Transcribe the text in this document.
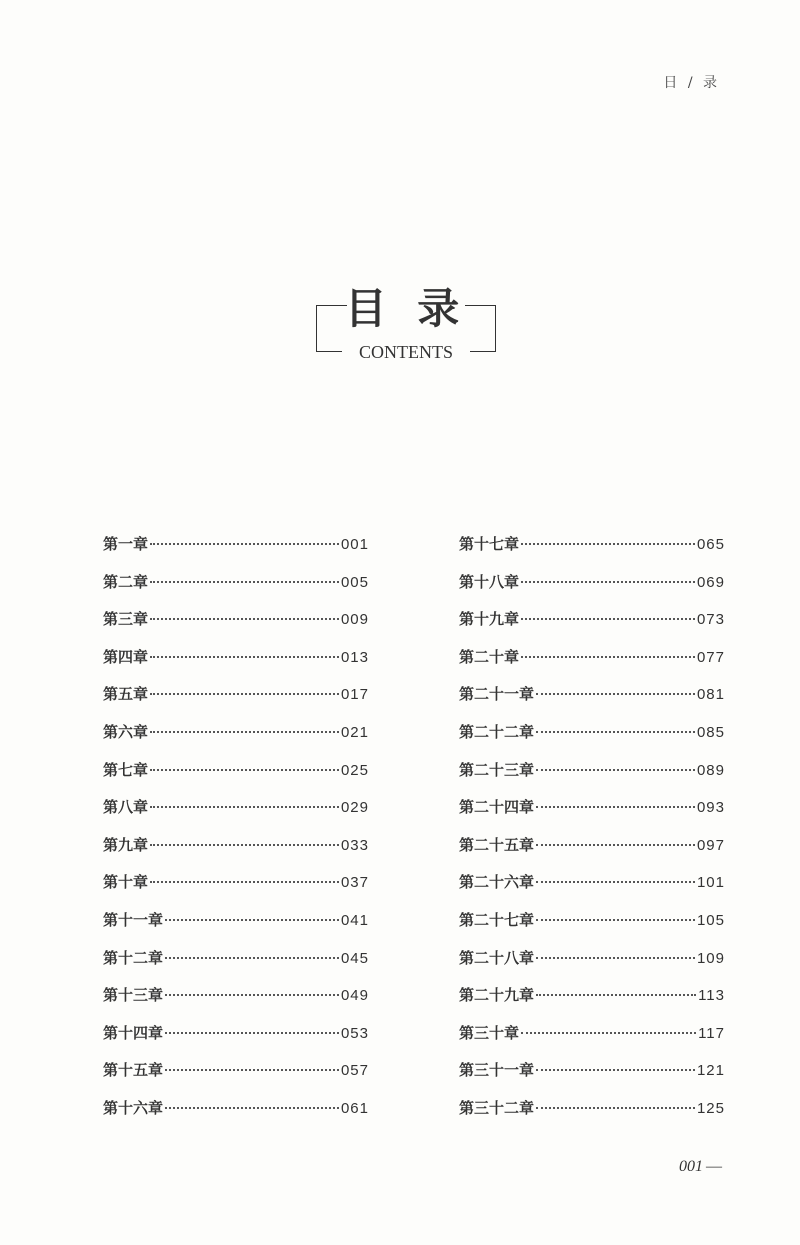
日 / 录
目 录
CONTENTS
第一章	001
第二章	005
第三章	009
第四章	013
第五章	017
第六章	021
第七章	025
第八章	029
第九章	033
第十章	037
第十一章	041
第十二章	045
第十三章	049
第十四章	053
第十五章	057
第十六章	061
第十七章	065
第十八章	069
第十九章	073
第二十章	077
第二十一章	081
第二十二章	085
第二十三章	089
第二十四章	093
第二十五章	097
第二十六章	101
第二十七章	105
第二十八章	109
第二十九章	113
第三十章	117
第三十一章	121
第三十二章	125
001 —
